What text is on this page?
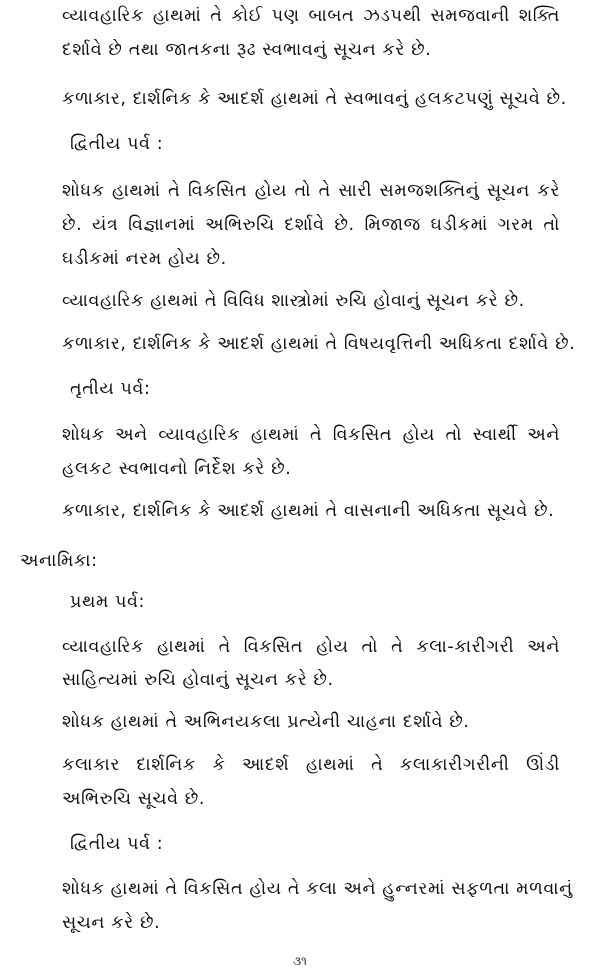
વ્યાવહારિક હાથમાં તે કોઈ પણ બાબત ઝડપથી સમજવાની શક્તિ
દર્શાવે છે તથા જાતકના રૂઢ સ્વભાવનું સૂચન કરે છે.
કળાકાર, દાર્શનિક કે આદર્શ હાથમાં તે સ્વભાવનું હલકટપણું સૂચવે છે.
દ્વિતીય પર્વ :
શોધક હાથમાં તે વિકસિત હોય તો તે સારી સમજશક્તિનું સૂચન કરે
છે. યંત્ર વિજ્ઞાનમાં અભિરુચિ દર્શાવે છે. મિજાજ ઘડીકમાં ગરમ તો
ઘડીકમાં નરમ હોય છે.
વ્યાવહારિક હાથમાં તે વિવિધ શાસ્ત્રોમાં રુચિ હોવાનું સૂચન કરે છે.
કળાકાર, દાર્શનિક કે આદર્શ હાથમાં તે વિષયવૃત્તિની અધિકતા દર્શાવે છે.
તૃતીય પર્વ:
શોધક અને વ્યાવહારિક હાથમાં તે વિકસિત હોય તો સ્વાર્થી અને
હલકટ સ્વભાવનો નિર્દેશ કરે છે.
કળાકાર, દાર્શનિક કે આદર્શ હાથમાં તે વાસનાની અધિકતા સૂચવે છે.
અનામિકા:
પ્રથમ પર્વ:
વ્યાવહારિક હાથમાં તે વિકસિત હોય તો તે કલા-કારીગરી અને
સાહિત્યમાં રુચિ હોવાનું સૂચન કરે છે.
શોધક હાથમાં તે અભિનયકલા પ્રત્યેની ચાહના દર્શાવે છે.
કલાકાર દાર્શનિક કે આદર્શ હાથમાં તે કલાકારીગરીની ઊંડી
અભિરુચિ સૂચવે છે.
દ્વિતીય પર્વ :
શોધક હાથમાં તે વિકસિત હોય તે કલા અને હુન્નરમાં સફળતા મળવાનું
સૂચન કરે છે.
૩૧
